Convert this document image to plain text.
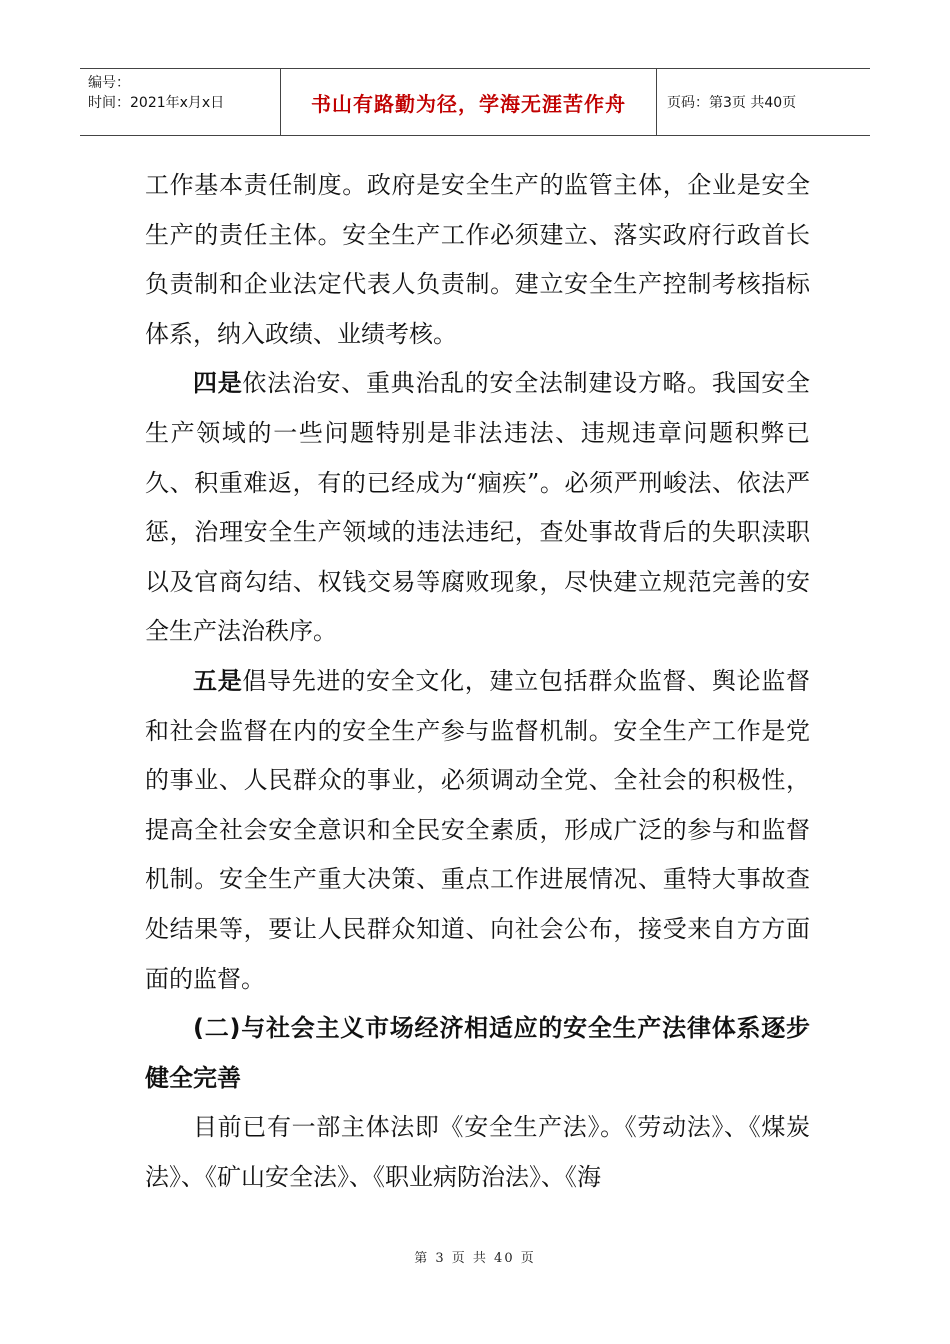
编号：
时间：2021年x月x日	书山有路勤为径，学海无涯苦作舟	页码：第3页 共40页

工作基本责任制度。政府是安全生产的监管主体，企业是安全生产的责任主体。安全生产工作必须建立、落实政府行政首长负责制和企业法定代表人负责制。建立安全生产控制考核指标体系，纳入政绩、业绩考核。

四是依法治安、重典治乱的安全法制建设方略。我国安全生产领域的一些问题特别是非法违法、违规违章问题积弊已久、积重难返，有的已经成为“痼疾”。必须严刑峻法、依法严惩，治理安全生产领域的违法违纪，查处事故背后的失职渎职以及官商勾结、权钱交易等腐败现象，尽快建立规范完善的安全生产法治秩序。

五是倡导先进的安全文化，建立包括群众监督、舆论监督和社会监督在内的安全生产参与监督机制。安全生产工作是党的事业、人民群众的事业，必须调动全党、全社会的积极性，提高全社会安全意识和全民安全素质，形成广泛的参与和监督机制。安全生产重大决策、重点工作进展情况、重特大事故查处结果等，要让人民群众知道、向社会公布，接受来自方方面面的监督。

(二)与社会主义市场经济相适应的安全生产法律体系逐步健全完善

目前已有一部主体法即《安全生产法》。《劳动法》、《煤炭法》、《矿山安全法》、《职业病防治法》、《海

第 3 页 共 40 页
